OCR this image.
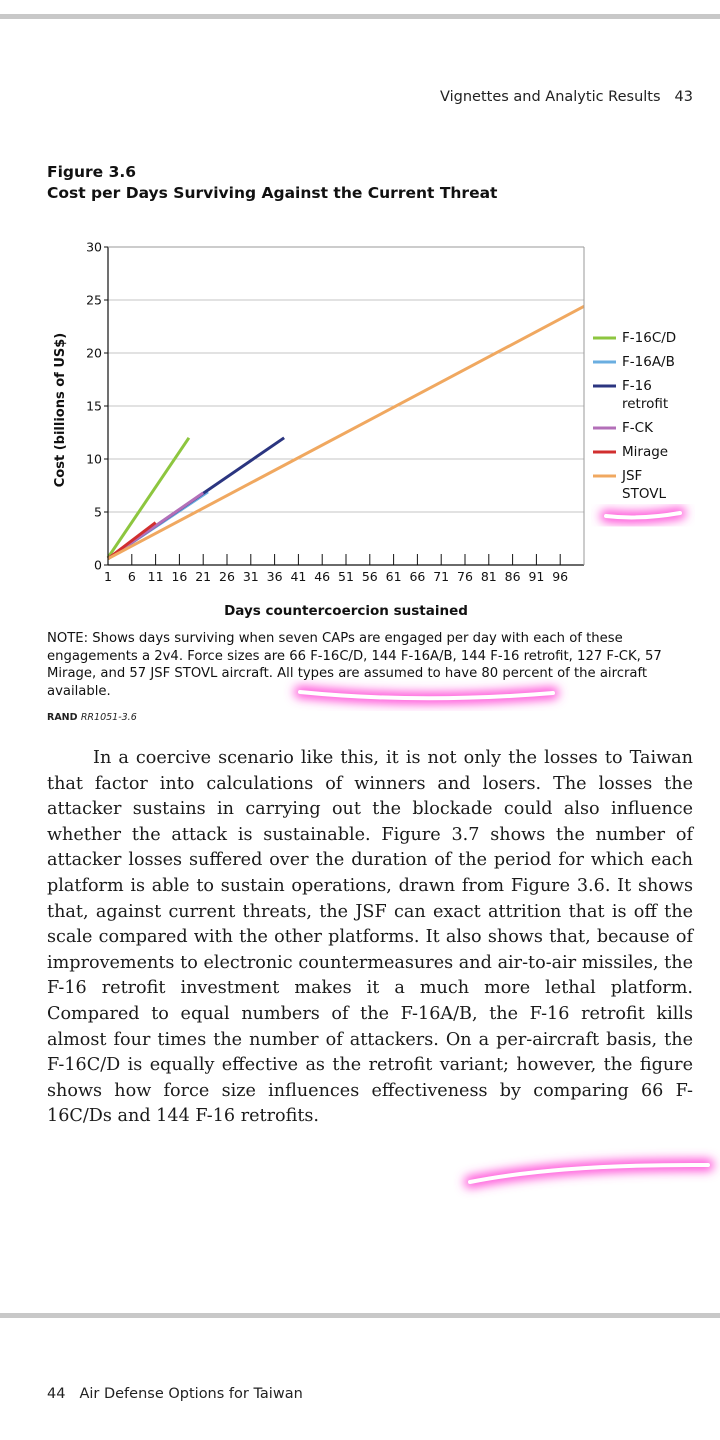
Vignettes and Analytic Results 43
Figure 3.6
Cost per Days Surviving Against the Current Threat
1 6 11 16 21 26 31 36 41 46 51 56 61 66 71 76 81 86 91 96
0
5
10
15
20
25
30
F-16C/D
F-16A/B
F-16 retrofit
F-CK
Mirage
JSF STOVL
Cost (billions of US$)
Days countercoercion sustained
NOTE: Shows days surviving when seven CAPs are engaged per day with each of these engagements a 2v4. Force sizes are 66 F-16C/D, 144 F-16A/B, 144 F-16 retrofit, 127 F-CK, 57 Mirage, and 57 JSF STOVL aircraft. All types are assumed to have 80 percent of the aircraft available.
RAND RR1051-3.6

In a coercive scenario like this, it is not only the losses to Taiwan that factor into calculations of winners and losers. The losses the attacker sustains in carrying out the blockade could also influence whether the attack is sustainable. Figure 3.7 shows the number of attacker losses suffered over the duration of the period for which each platform is able to sustain operations, drawn from Figure 3.6. It shows that, against current threats, the JSF can exact attrition that is off the scale compared with the other platforms. It also shows that, because of improvements to electronic countermeasures and air-to-air missiles, the F-16 retrofit investment makes it a much more lethal platform. Compared to equal numbers of the F-16A/B, the F-16 retrofit kills almost four times the number of attackers. On a per-aircraft basis, the F-16C/D is equally effective as the retrofit variant; however, the figure shows how force size influences effectiveness by comparing 66 F-16C/Ds and 144 F-16 retrofits.

44 Air Defense Options for Taiwan
